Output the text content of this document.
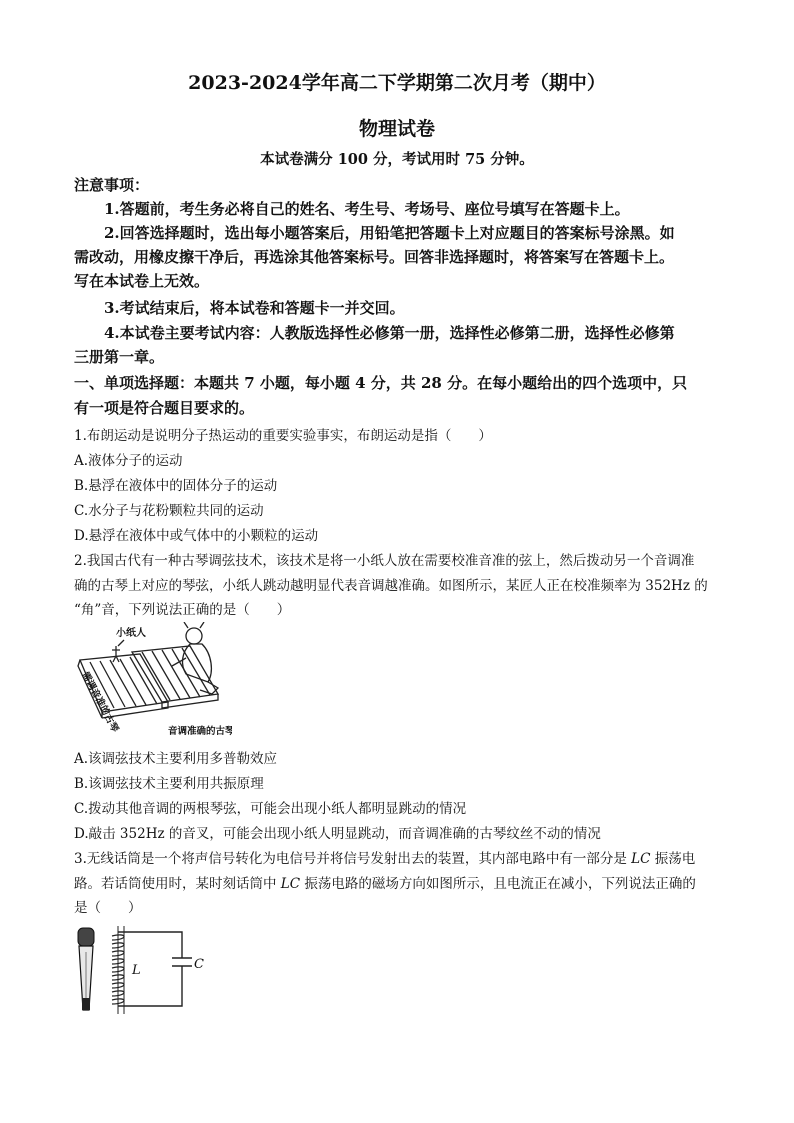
2023-2024学年高二下学期第二次月考（期中）
物理试卷
本试卷满分 100 分，考试用时 75 分钟。
注意事项：
1.答题前，考生务必将自己的姓名、考生号、考场号、座位号填写在答题卡上。
2.回答选择题时，选出每小题答案后，用铅笔把答题卡上对应题目的答案标号涂黑。如
需改动，用橡皮擦干净后，再选涂其他答案标号。回答非选择题时，将答案写在答题卡上。
写在本试卷上无效。
3.考试结束后，将本试卷和答题卡一并交回。
4.本试卷主要考试内容：人教版选择性必修第一册，选择性必修第二册，选择性必修第
三册第一章。
一、单项选择题：本题共 7 小题，每小题 4 分，共 28 分。在每小题给出的四个选项中，只
有一项是符合题目要求的。
1.布朗运动是说明分子热运动的重要实验事实，布朗运动是指（　　）
A.液体分子的运动
B.悬浮在液体中的固体分子的运动
C.水分子与花粉颗粒共同的运动
D.悬浮在液体中或气体中的小颗粒的运动
2.我国古代有一种古琴调弦技术，该技术是将一小纸人放在需要校准音准的弦上，然后拨动另一个音调准
确的古琴上对应的琴弦，小纸人跳动越明显代表音调越准确。如图所示，某匠人正在校准频率为 352Hz 的
“角”音，下列说法正确的是（　　）
小纸人
音调准确的古琴
需调音准的古琴
A.该调弦技术主要利用多普勒效应
B.该调弦技术主要利用共振原理
C.拨动其他音调的两根琴弦，可能会出现小纸人都明显跳动的情况
D.敲击 352Hz 的音叉，可能会出现小纸人明显跳动，而音调准确的古琴纹丝不动的情况
3.无线话筒是一个将声信号转化为电信号并将信号发射出去的装置，其内部电路中有一部分是 LC 振荡电
路。若话筒使用时，某时刻话筒中 LC 振荡电路的磁场方向如图所示，且电流正在减小，下列说法正确的
是（　　）
L	C
